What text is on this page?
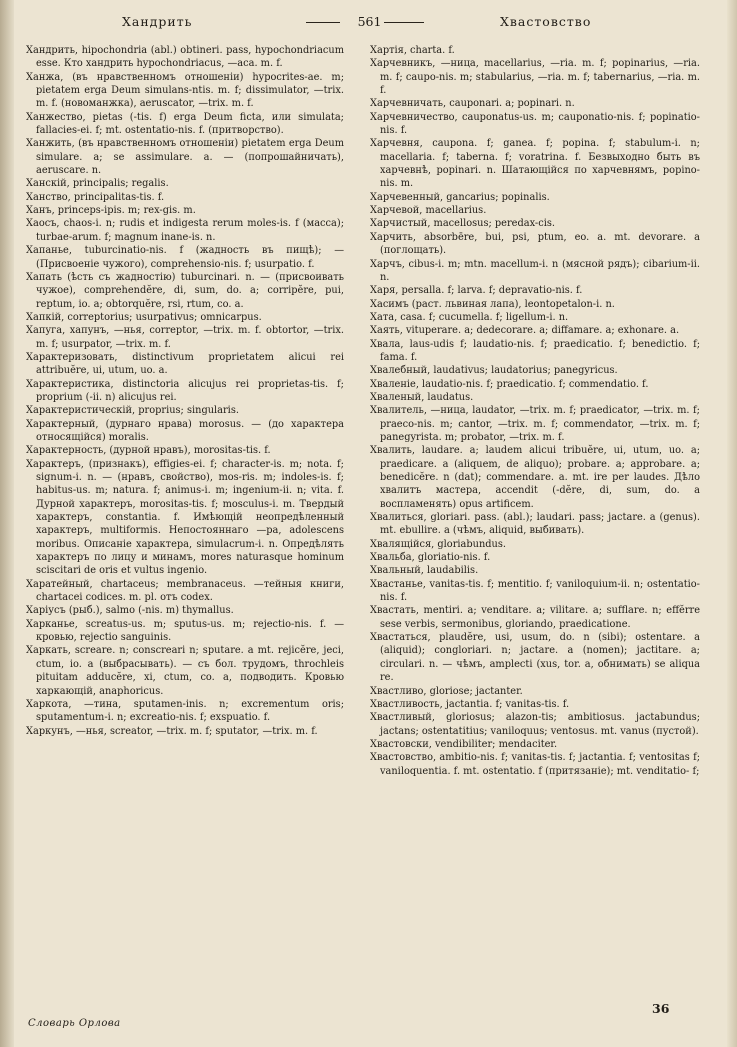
Хандрить	561	Хвастовство

Хандрить, hipochondria (abl.) obtineri. pass, hypochondriacum esse. Кто хандрить hypochondriacus, —aca. m. f.

Ханжа, (въ нравственномъ отношеніи) hypocrites-ae. m; pietatem erga Deum simulans-ntis. m. f; dissimulator, —trix. m. f. (новоманжка), aeruscator, —trix. m. f.

Ханжество, pietas (-tis. f) erga Deum ficta, или simulata; fallacies-ei. f; mt. ostentatio-nis. f. (притворство).

Ханжить, (въ нравственномъ отношеніи) pietatem erga Deum simulare. a; se assimulare. a. — (попрошайничать), aeruscare. n.

Ханскій, principalis; regalis.

Ханство, principalitas-tis. f.

Ханъ, princeps-ipis. m; rex-gis. m.

Хаосъ, chaos-i. n; rudis et indigesta rerum moles-is. f (масса); turbae-arum. f; magnum inane-is. n.

Хапанье, tuburcinatio-nis. f (жадность въ пищѣ); — (Присвоеніе чужого), comprehensio-nis. f; usurpatio. f.

Хапать (ѣсть съ жадностію) tuburcinari. n. — (присвоивать чужое), comprehendĕre, di, sum, do. a; corripĕre, pui, reptum, io. a; obtorquĕre, rsi, rtum, co. a.

Хапкій, correptorius; usurpativus; omnicarpus.

Хапуга, хапунъ, —нья, correptor, —trix. m. f. obtortor, —trix. m. f; usurpator, —trix. m. f.

Характеризовать, distinctivum proprietatem alicui rei attribuĕre, ui, utum, uo. a.

Характеристика, distinctoria alicujus rei proprietas-tis. f; proprium (-ii. n) alicujus rei.

Характеристическій, proprius; singularis.

Характерный, (дурнаго нрава) morosus. — (до характера относящійся) moralis.

Характерность, (дурной нравъ), morositas-tis. f.

Характеръ, (признакъ), effigies-ei. f; character-is. m; nota. f; signum-i. n. — (нравъ, свойство), mos-ris. m; indoles-is. f; habitus-us. m; natura. f; animus-i. m; ingenium-ii. n; vita. f. Дурной характеръ, morositas-tis. f; mosculus-i. m. Твердый характеръ, constantia. f. Имѣющій неопредѣленный характеръ, multiformis. Непостояннаго —ра, adolescens moribus. Описаніе характера, simulacrum-i. n. Опредѣлять характеръ по лицу и минамъ, mores naturasque hominum sciscitari de oris et vultus ingenio.

Харатейный, chartaceus; membranaceus. —тейныя книги, chartacei codices. m. pl. отъ codex.

Харіусъ (рыб.), salmo (-nis. m) thymallus.

Харканье, screatus-us. m; sputus-us. m; rejectio-nis. f. — кровью, rejectio sanguinis.

Харкать, screare. n; conscreari n; sputare. a mt. rejicĕre, jeci, ctum, io. a (выбрасывать). — съ бол. трудомъ, throchleis pituitam adducĕre, xi, ctum, co. a, подводить. Кровью харкающій, anaphoricus.

Харкота, —тина, sputamen-inis. n; excrementum oris; sputamentum-i. n; excreatio-nis. f; exspuatio. f.

Харкунъ, —нья, screator, —trix. m. f; sputator, —trix. m. f.

Хартія, charta. f.

Харчевникъ, —ница, macellarius, —ria. m. f; popinarius, —ria. m. f; caupo-nis. m; stabularius, —ria. m. f; tabernarius, —ria. m. f.

Харчевничать, cauponari. a; popinari. n.

Харчевничество, cauponatus-us. m; cauponatio-nis. f; popinatio-nis. f.

Харчевня, caupona. f; ganea. f; popina. f; stabulum-i. n; macellaria. f; taberna. f; voratrina. f. Безвыходно быть въ харчевнѣ, popinari. n. Шатающійся по харчевнямъ, popino-nis. m.

Харчевенный, gancarius; popinalis.

Харчевой, macellarius.

Харчистый, macellosus; peredax-cis.

Харчить, absorbēre, bui, psi, ptum, eo. a. mt. devorare. a (поглощать).

Харчъ, cibus-i. m; mtn. macellum-i. n (мясной рядъ); cibarium-ii. n.

Харя, persalla. f; larva. f; depravatio-nis. f.

Хасимъ (раст. львиная лапа), leontopetalon-i. n.

Хата, casa. f; cucumella. f; ligellum-i. n.

Хаять, vituperare. a; dedecorare. a; diffamare. a; exhonare. a.

Хвала, laus-udis f; laudatio-nis. f; praedicatio. f; benedictio. f; fama. f.

Хвалебный, laudativus; laudatorius; panegyricus.

Хваленіе, laudatio-nis. f; praedicatio. f; commendatio. f.

Хваленый, laudatus.

Хвалитель, —ница, laudator, —trix. m. f; praedicator, —trix. m. f; praeco-nis. m; cantor, —trix. m. f; commendator, —trix. m. f; panegyrista. m; probator, —trix. m. f.

Хвалить, laudare. a; laudem alicui tribuĕre, ui, utum, uo. a; praedicare. a (aliquem, de aliquo); probare. a; approbare. a; benedicĕre. n (dat); commendare. a. mt. ire per laudes. Дѣло хвалитъ мастера, accendit (-dĕre, di, sum, do. a воспламенять) opus artificem.

Хвалиться, gloriari. pass. (abl.); laudari. pass; jactare. a (genus). mt. ebullire. a (чѣмъ, aliquid, выбивать).

Хвалящійся, gloriabundus.

Хвальба, gloriatio-nis. f.

Хвальный, laudabilis.

Хвастанье, vanitas-tis. f; mentitio. f; vaniloquium-ii. n; ostentatio-nis. f.

Хвастать, mentiri. a; venditare. a; vilitare. a; sufflare. n; effĕrre sese verbis, sermonibus, gloriando, praedicatione.

Хвастаться, plaudĕre, usi, usum, do. n (sibi); ostentare. a (aliquid); congloriari. n; jactare. a (nomen); jactitare. a; circulari. n. — чѣмъ, amplecti (xus, tor. a, обнимать) se aliqua re.

Хвастливо, gloriose; jactanter.

Хвастливость, jactantia. f; vanitas-tis. f.

Хвастливый, gloriosus; alazon-tis; ambitiosus. jactabundus; jactans; ostentatitius; vaniloquus; ventosus. mt. vanus (пустой).

Хвастовски, vendibiliter; mendaciter.

Хвастовство, ambitio-nis. f; vanitas-tis. f; jactantia. f; ventositas f; vaniloquentia. f. mt. ostentatio. f (притязаніе); mt. venditatio- f;

Словарь Орлова
36
